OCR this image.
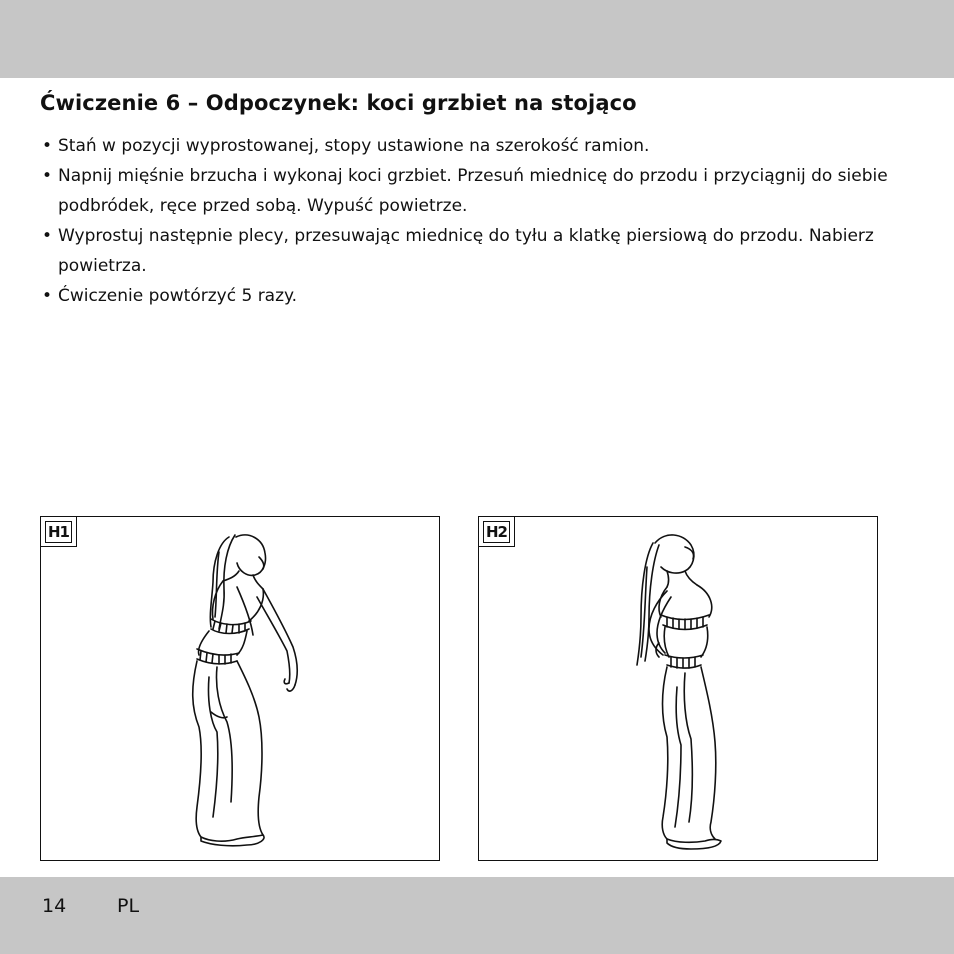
Ćwiczenie 6 – Odpoczynek: koci grzbiet na stojąco
• Stań w pozycji wyprostowanej, stopy ustawione na szerokość ramion.
• Napnij mięśnie brzucha i wykonaj koci grzbiet. Przesuń miednicę do przodu i przyciągnij do siebie podbródek, ręce przed sobą. Wypuść powietrze.
• Wyprostuj następnie plecy, przesuwając miednicę do tyłu a klatkę piersiową do przodu. Nabierz powietrza.
• Ćwiczenie powtórzyć 5 razy.
H1	H2
14	PL
